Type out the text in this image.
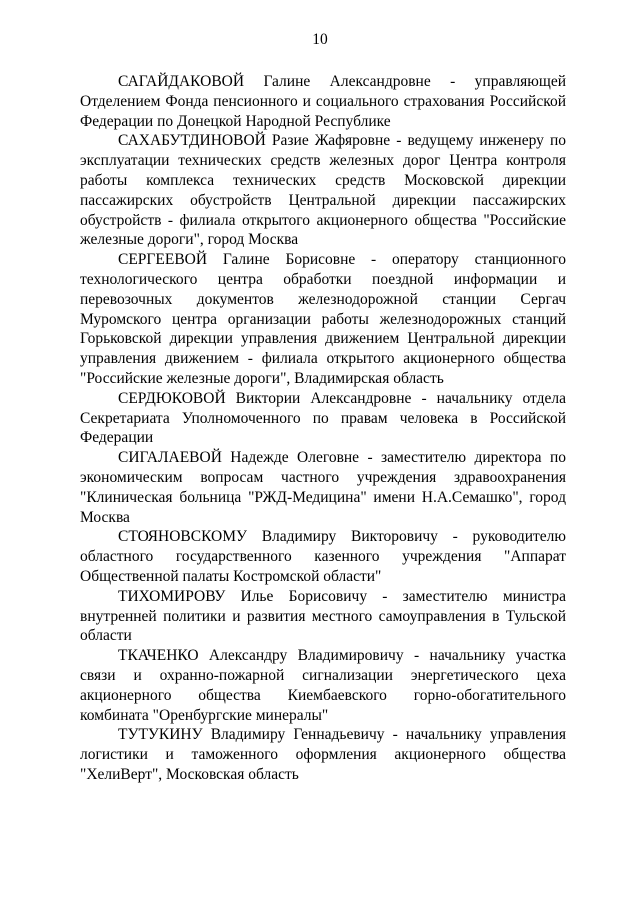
10

САГАЙДАКОВОЙ Галине Александровне - управляющей Отделением Фонда пенсионного и социального страхования Российской Федерации по Донецкой Народной Республике

САХАБУТДИНОВОЙ Разие Жафяровне - ведущему инженеру по эксплуатации технических средств железных дорог Центра контроля работы комплекса технических средств Московской дирекции пассажирских обустройств Центральной дирекции пассажирских обустройств - филиала открытого акционерного общества "Российские железные дороги", город Москва

СЕРГЕЕВОЙ Галине Борисовне - оператору станционного технологического центра обработки поездной информации и перевозочных документов железнодорожной станции Сергач Муромского центра организации работы железнодорожных станций Горьковской дирекции управления движением Центральной дирекции управления движением - филиала открытого акционерного общества "Российские железные дороги", Владимирская область

СЕРДЮКОВОЙ Виктории Александровне - начальнику отдела Секретариата Уполномоченного по правам человека в Российской Федерации

СИГАЛАЕВОЙ Надежде Олеговне - заместителю директора по экономическим вопросам частного учреждения здравоохранения "Клиническая больница "РЖД-Медицина" имени Н.А.Семашко", город Москва

СТОЯНОВСКОМУ Владимиру Викторовичу - руководителю областного государственного казенного учреждения "Аппарат Общественной палаты Костромской области"

ТИХОМИРОВУ Илье Борисовичу - заместителю министра внутренней политики и развития местного самоуправления в Тульской области

ТКАЧЕНКО Александру Владимировичу - начальнику участка связи и охранно-пожарной сигнализации энергетического цеха акционерного общества Киембаевского горно-обогатительного комбината "Оренбургские минералы"

ТУТУКИНУ Владимиру Геннадьевичу - начальнику управления логистики и таможенного оформления акционерного общества "ХелиВерт", Московская область
